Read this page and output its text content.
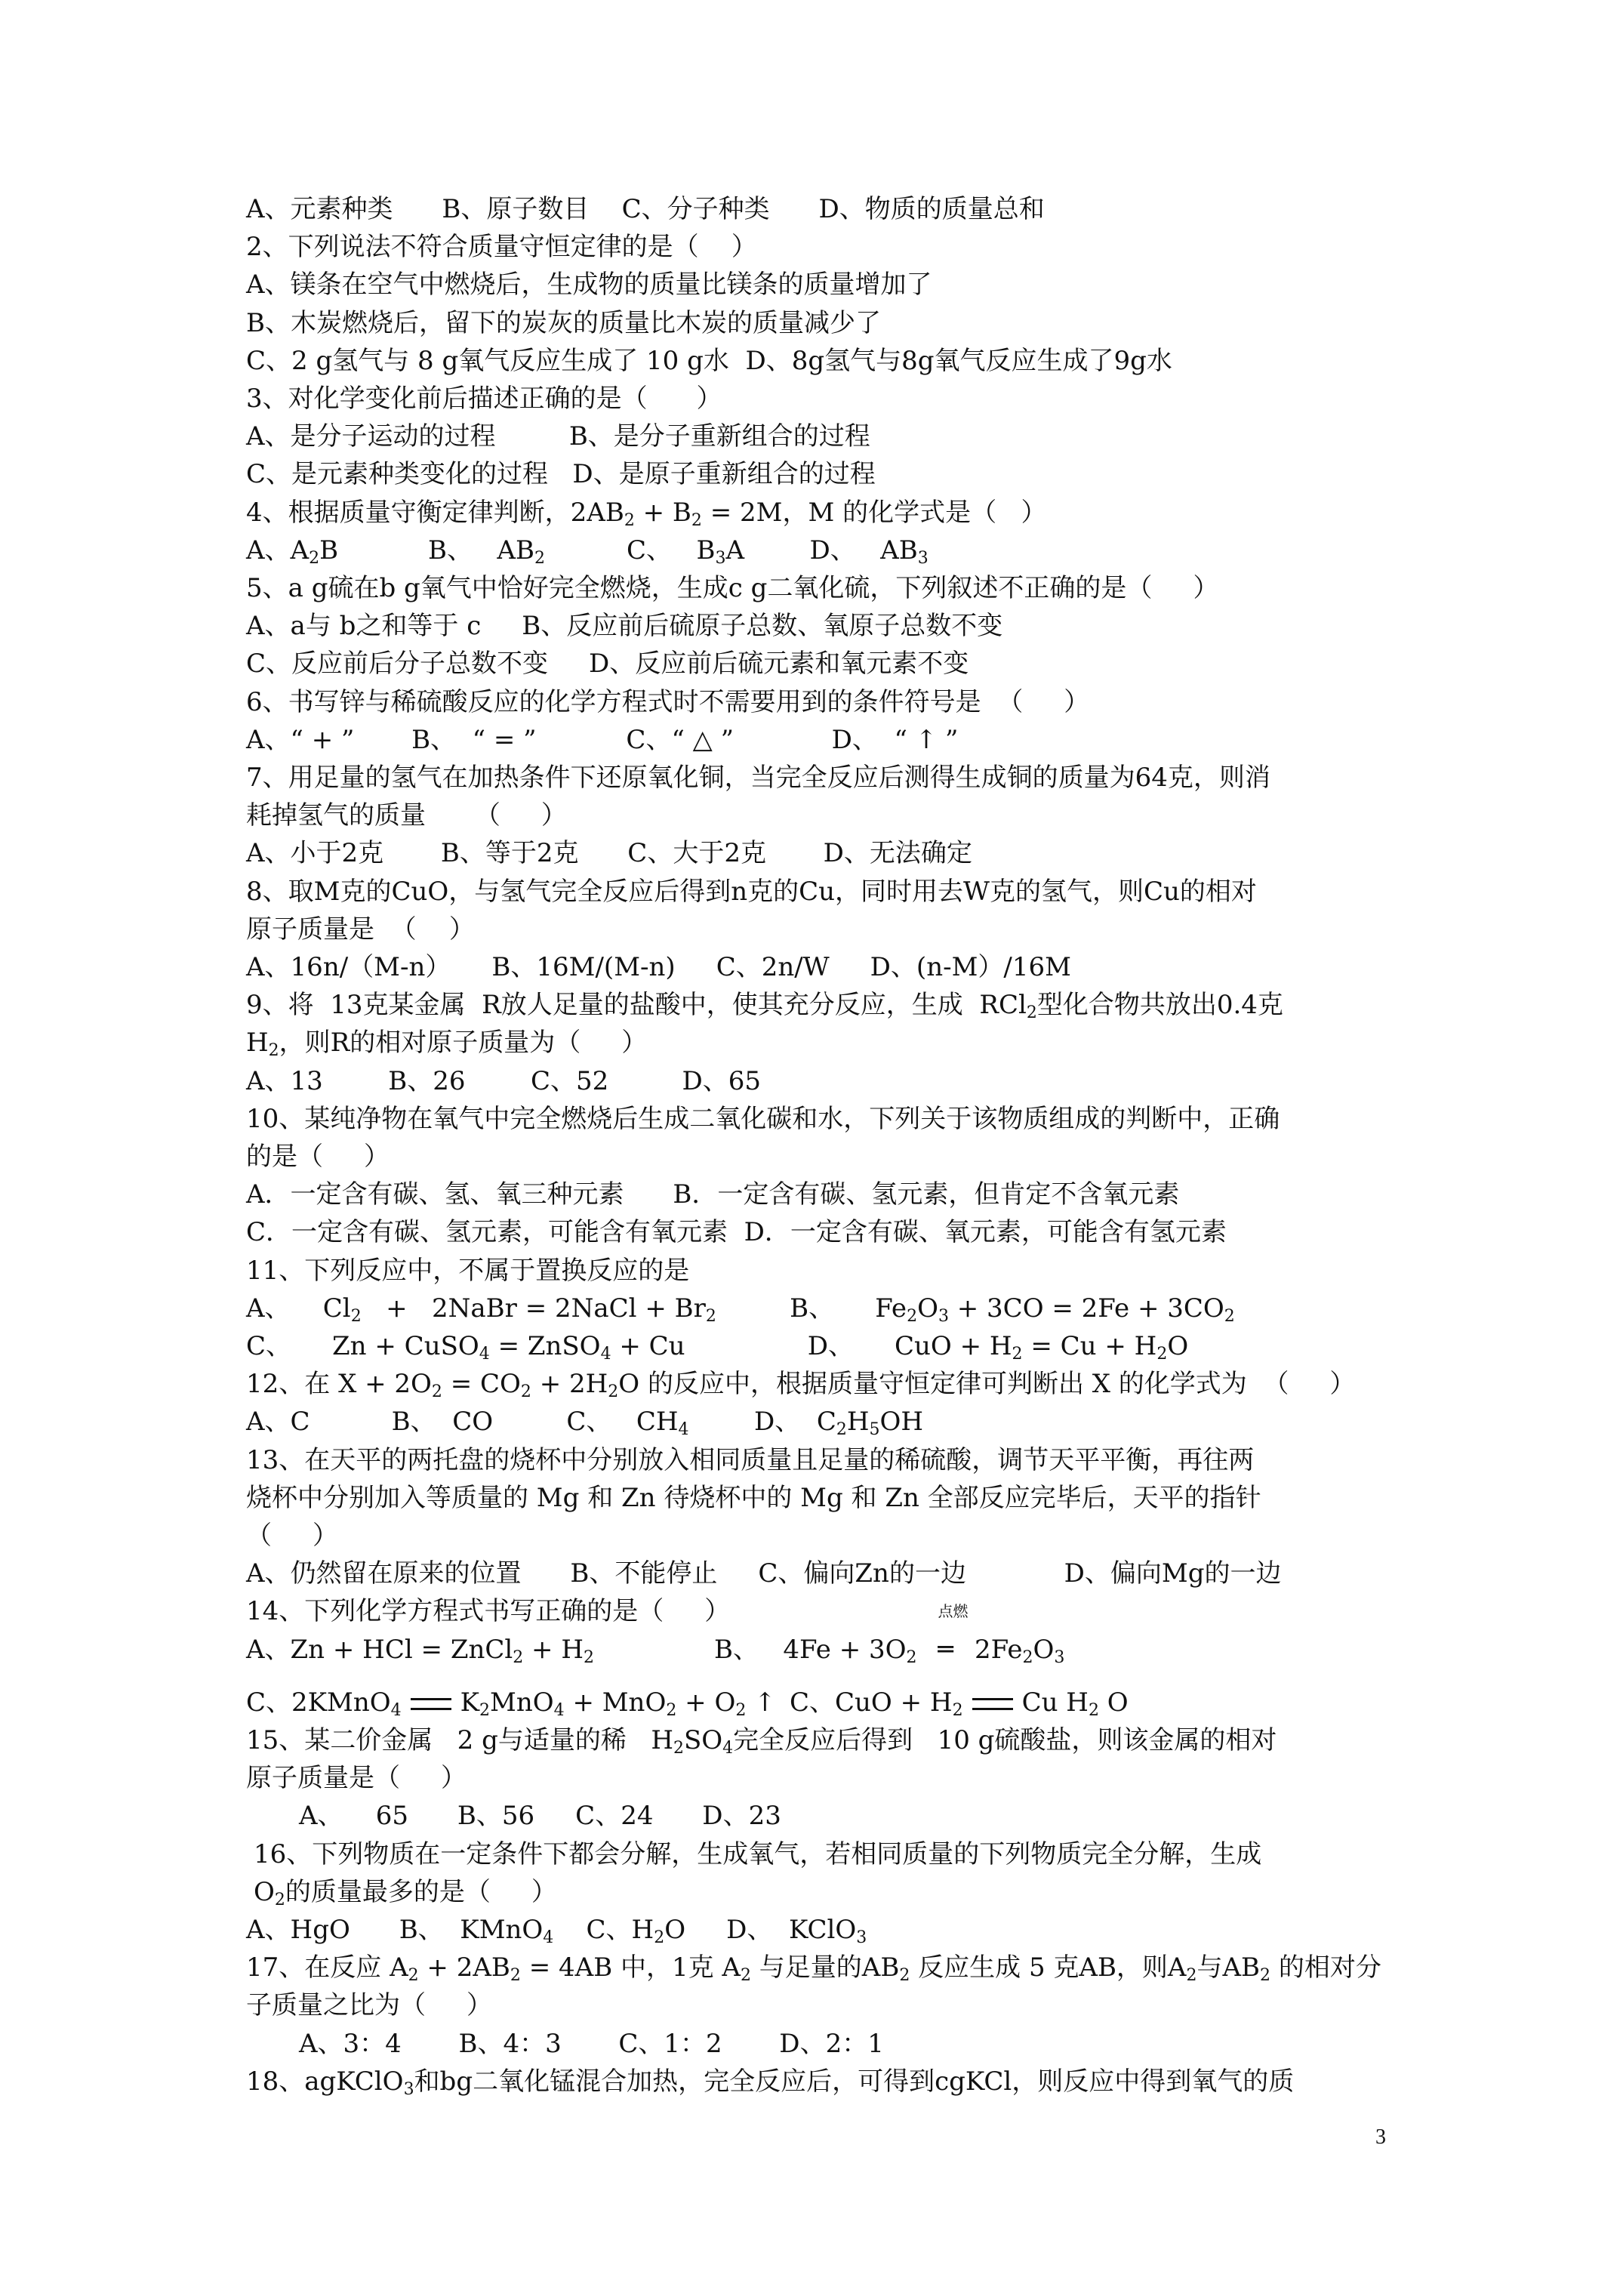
A、元素种类      B、原子数目    C、分子种类      D、物质的质量总和
2、下列说法不符合质量守恒定律的是（    ）
A、镁条在空气中燃烧后，生成物的质量比镁条的质量增加了
B、木炭燃烧后，留下的炭灰的质量比木炭的质量减少了
C、2 g氢气与 8 g氧气反应生成了 10 g水  D、8g氢气与8g氧气反应生成了9g水
3、对化学变化前后描述正确的是（      ）
A、是分子运动的过程         B、是分子重新组合的过程
C、是元素种类变化的过程   D、是原子重新组合的过程
4、根据质量守衡定律判断，$2AB_2 + B_2 = 2M$，M 的化学式是（   ）
A、$A_2B$           B、   $AB_2$          C、   $B_3A$        D、   $AB_3$
5、a g硫在b g氧气中恰好完全燃烧，生成c g二氧化硫，下列叙述不正确的是（     ）
A、a与 b之和等于 c     B、反应前后硫原子总数、氧原子总数不变
C、反应前后分子总数不变     D、反应前后硫元素和氧元素不变
6、书写锌与稀硫酸反应的化学方程式时不需要用到的条件符号是  （     ）
A、“ + ”       B、  “ = ”           C、“ △ ”            D、  “ ↑ ”
7、用足量的氢气在加热条件下还原氧化铜，当完全反应后测得生成铜的质量为64克，则消
耗掉氢气的质量      （     ）
A、小于2克       B、等于2克      C、大于2克       D、无法确定
8、取M克的CuO，与氢气完全反应后得到n克的Cu，同时用去W克的氢气，则Cu的相对
原子质量是  （    ）
A、16n/（M-n）     B、16M/(M-n)     C、2n/W     D、(n-M）/16M
9、将  13克某金属  R放人足量的盐酸中，使其充分反应，生成  RCl$_2$型化合物共放出0.4克
$H_2$，则R的相对原子质量为（     ）
A、13        B、26        C、52         D、65
10、某纯净物在氧气中完全燃烧后生成二氧化碳和水，下列关于该物质组成的判断中，正确
的是（     ）
A．一定含有碳、氢、氧三种元素      B．一定含有碳、氢元素，但肯定不含氧元素
C．一定含有碳、氢元素，可能含有氧元素  D．一定含有碳、氧元素，可能含有氢元素
11、下列反应中，不属于置换反应的是
A、    $Cl_2$   +   2NaBr = 2NaCl + $Br_2$         B、     $Fe_2O_3 + 3CO = 2Fe + 3CO_2$
C、     Zn + CuSO$_4$ = ZnSO$_4$ + Cu               D、     CuO + $H_2 = Cu + H_2O$
12、在 $X + 2O_2 = CO_2 + 2H_2O$ 的反应中，根据质量守恒定律可判断出 X 的化学式为  （     ）
A、C          B、  CO         C、   $CH_4$        D、  $C_2H_5OH$
13、在天平的两托盘的烧杯中分别放入相同质量且足量的稀硫酸，调节天平平衡，再往两
烧杯中分别加入等质量的 Mg 和 Zn 待烧杯中的 Mg 和 Zn 全部反应完毕后，天平的指针
（     ）
A、仍然留在原来的位置      B、不能停止     C、偏向Zn的一边            D、偏向Mg的一边
14、下列化学方程式书写正确的是（     ）
A、Zn + HCl = ZnCl$_2$ + $H_2$	B、   $4Fe + 3O_2$
点燃
═ $2Fe_2O_3$
C、2KMnO$_4$ $K_2MnO_4 + MnO_2 + O_2$ ↑ C、CuO + $H_2$ Cu $H_2$ O
15、某二价金属   2 g与适量的稀   $H_2SO_4$完全反应后得到   10 g硫酸盐，则该金属的相对
原子质量是（     ）
A、    65      B、56     C、24      D、23
16、下列物质在一定条件下都会分解，生成氧气，若相同质量的下列物质完全分解，生成
$O_2$的质量最多的是（     ）
A、HgO      B、  KMnO$_4$    C、$H_2O$     D、  KClO$_3$
17、在反应 $A_2 + 2AB_2 = 4AB$ 中，1克 $A_2$ 与足量的$AB_2$ 反应生成 5 克AB，则$A_2$与$AB_2$ 的相对分
子质量之比为（     ）
A、3：4       B、4：3       C、1：2       D、2：1
18、agKClO$_3$和bg二氧化锰混合加热，完全反应后，可得到cgKCl，则反应中得到氧气的质
3
